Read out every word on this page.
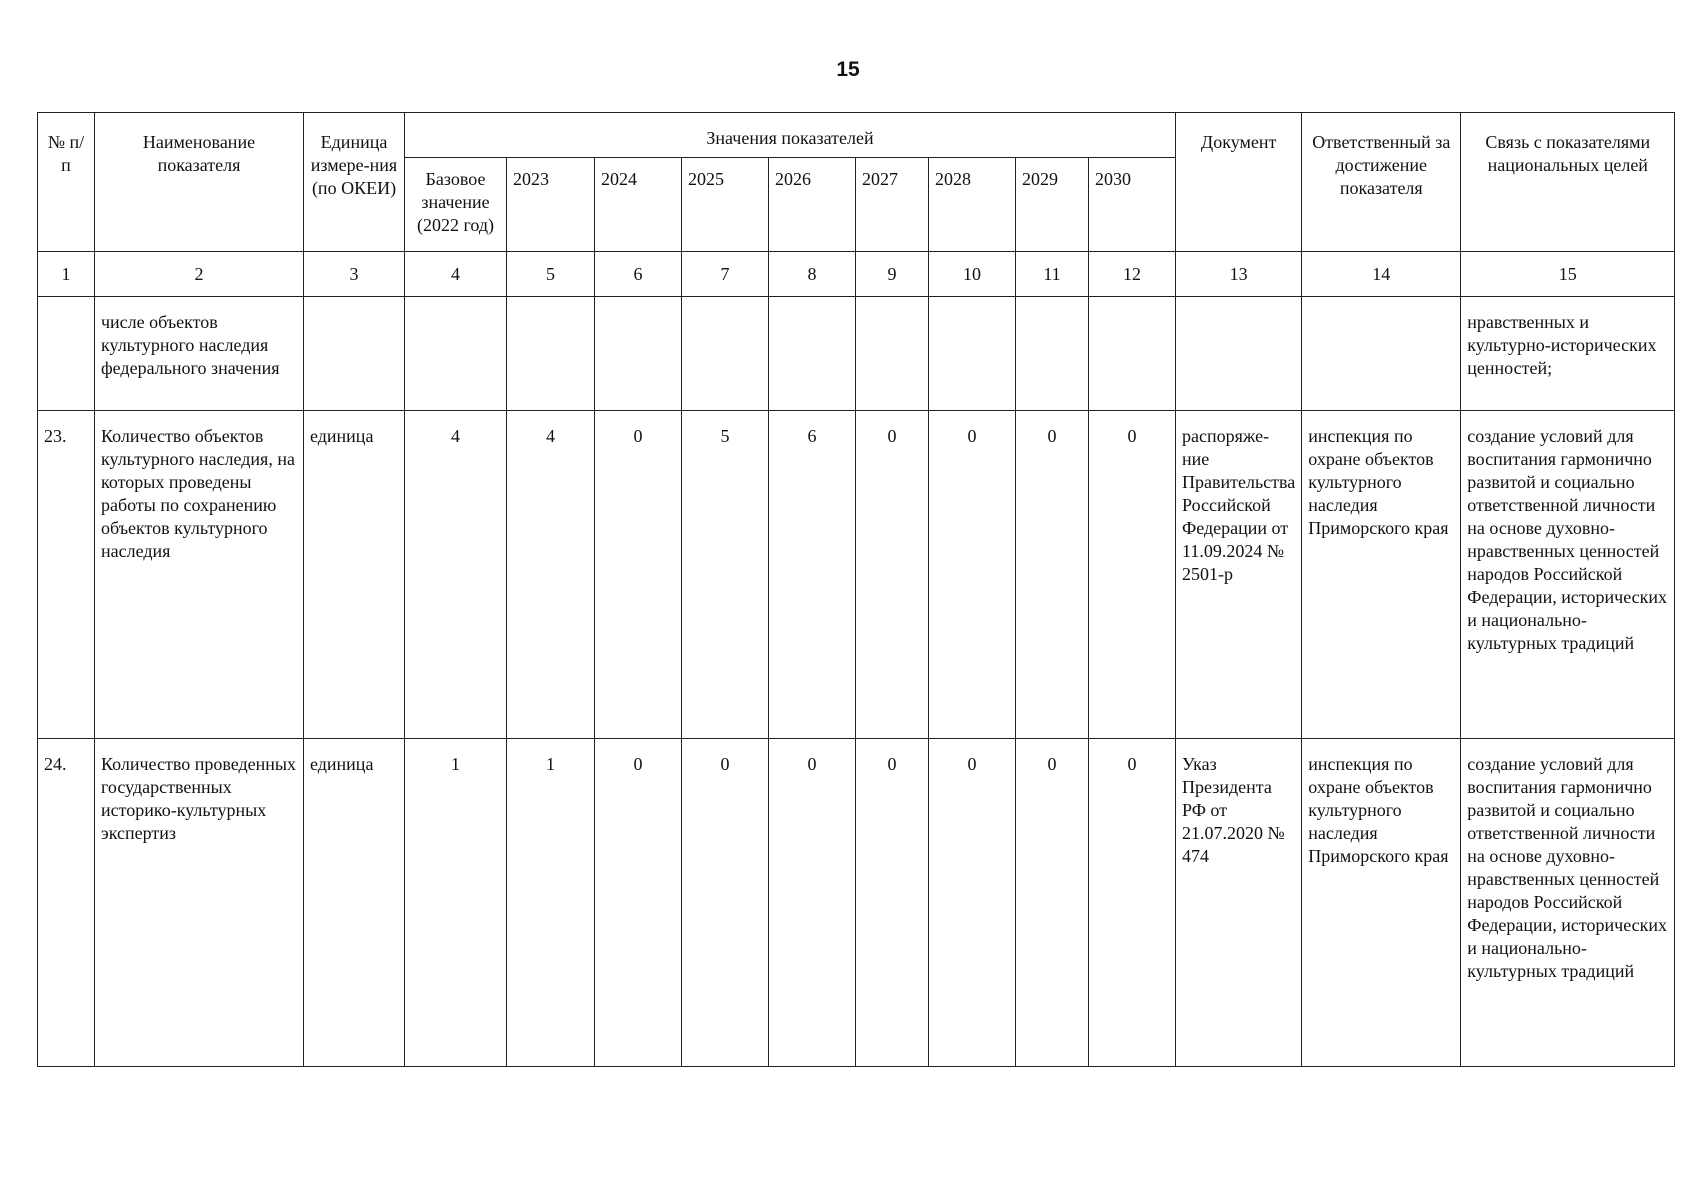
15
№ п/п	Наименование показателя	Единица измере-ния (по ОКЕИ)	Значения показателей									Документ	Ответственный за достижение показателя	Связь с показателями национальных целей
			Базовое значение (2022 год)	2023	2024	2025	2026	2027	2028	2029	2030			
1	2	3	4	5	6	7	8	9	10	11	12	13	14	15
	числе объектов культурного наследия федерального значения													нравственных и культурно-исторических ценностей;
23.	Количество объектов культурного наследия, на которых проведены работы по сохранению объектов культурного наследия	единица	4	4	0	5	6	0	0	0	0	распоряже-ние Правительства Российской Федерации от 11.09.2024 № 2501-р	инспекция по охране объектов культурного наследия Приморского края	создание условий для воспитания гармонично развитой и социально ответственной личности на основе духовно-нравственных ценностей народов Российской Федерации, исторических и национально-культурных традиций
24.	Количество проведенных государственных историко-культурных экспертиз	единица	1	1	0	0	0	0	0	0	0	Указ Президента РФ от 21.07.2020 № 474	инспекция по охране объектов культурного наследия Приморского края	создание условий для воспитания гармонично развитой и социально ответственной личности на основе духовно-нравственных ценностей народов Российской Федерации, исторических и национально-культурных традиций
